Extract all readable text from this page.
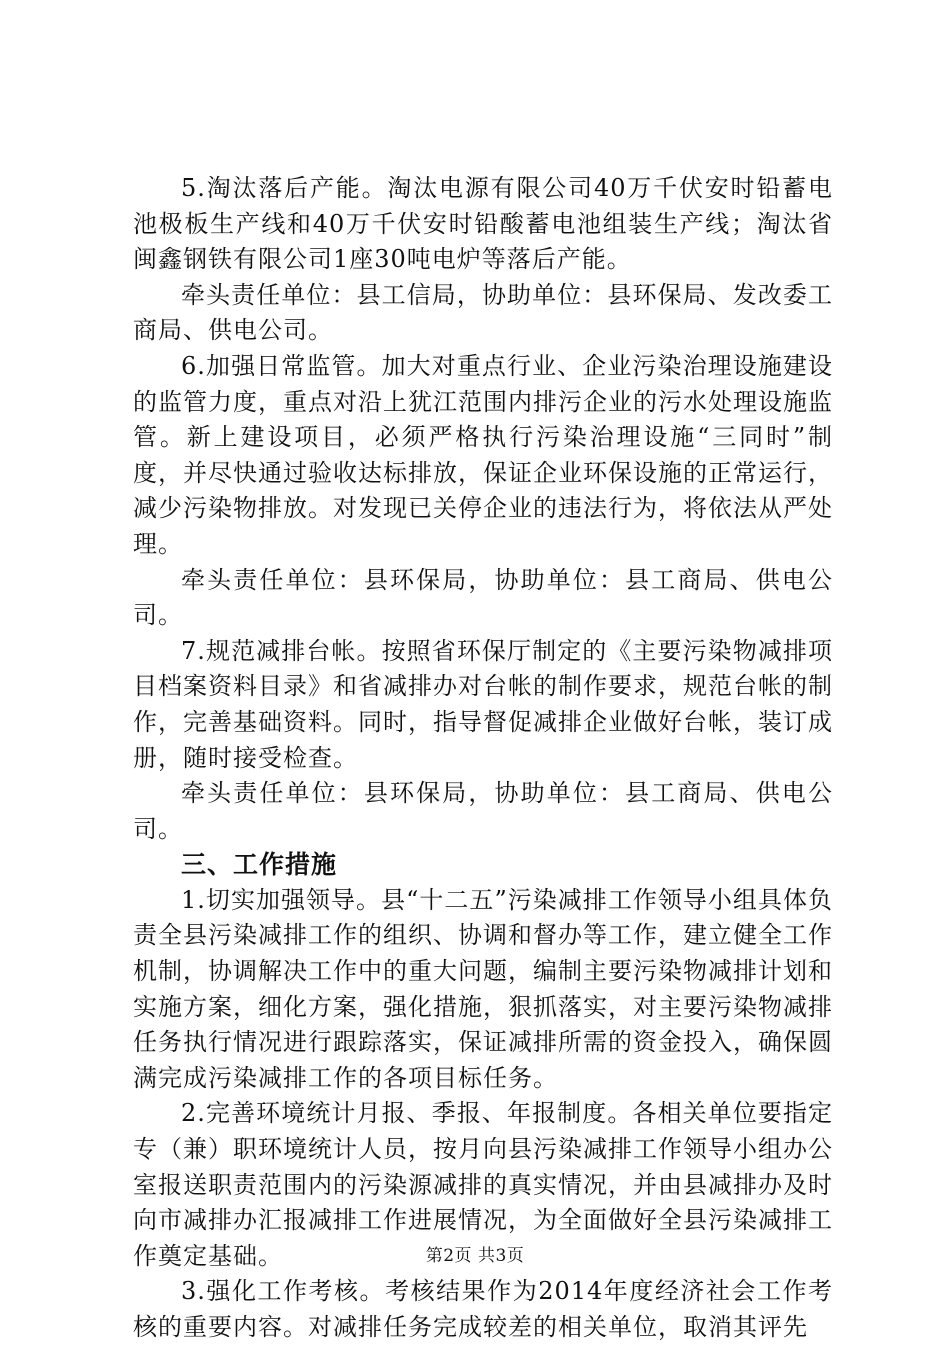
5.淘汰落后产能。淘汰电源有限公司40万千伏安时铅蓄电池极板生产线和40万千伏安时铅酸蓄电池组装生产线；淘汰省闽鑫钢铁有限公司1座30吨电炉等落后产能。

牵头责任单位：县工信局，协助单位：县环保局、发改委工商局、供电公司。

6.加强日常监管。加大对重点行业、企业污染治理设施建设的监管力度，重点对沿上犹江范围内排污企业的污水处理设施监管。新上建设项目，必须严格执行污染治理设施“三同时”制度，并尽快通过验收达标排放，保证企业环保设施的正常运行，减少污染物排放。对发现已关停企业的违法行为，将依法从严处理。

牵头责任单位：县环保局，协助单位：县工商局、供电公司。

7.规范减排台帐。按照省环保厅制定的《主要污染物减排项目档案资料目录》和省减排办对台帐的制作要求，规范台帐的制作，完善基础资料。同时，指导督促减排企业做好台帐，装订成册，随时接受检查。

牵头责任单位：县环保局，协助单位：县工商局、供电公司。

三、工作措施

1.切实加强领导。县“十二五”污染减排工作领导小组具体负责全县污染减排工作的组织、协调和督办等工作，建立健全工作机制，协调解决工作中的重大问题，编制主要污染物减排计划和实施方案，细化方案，强化措施，狠抓落实，对主要污染物减排任务执行情况进行跟踪落实，保证减排所需的资金投入，确保圆满完成污染减排工作的各项目标任务。

2.完善环境统计月报、季报、年报制度。各相关单位要指定专（兼）职环境统计人员，按月向县污染减排工作领导小组办公室报送职责范围内的污染源减排的真实情况，并由县减排办及时向市减排办汇报减排工作进展情况，为全面做好全县污染减排工作奠定基础。

3.强化工作考核。考核结果作为2014年度经济社会工作考核的重要内容。对减排任务完成较差的相关单位，取消其评先

第2页 共3页
